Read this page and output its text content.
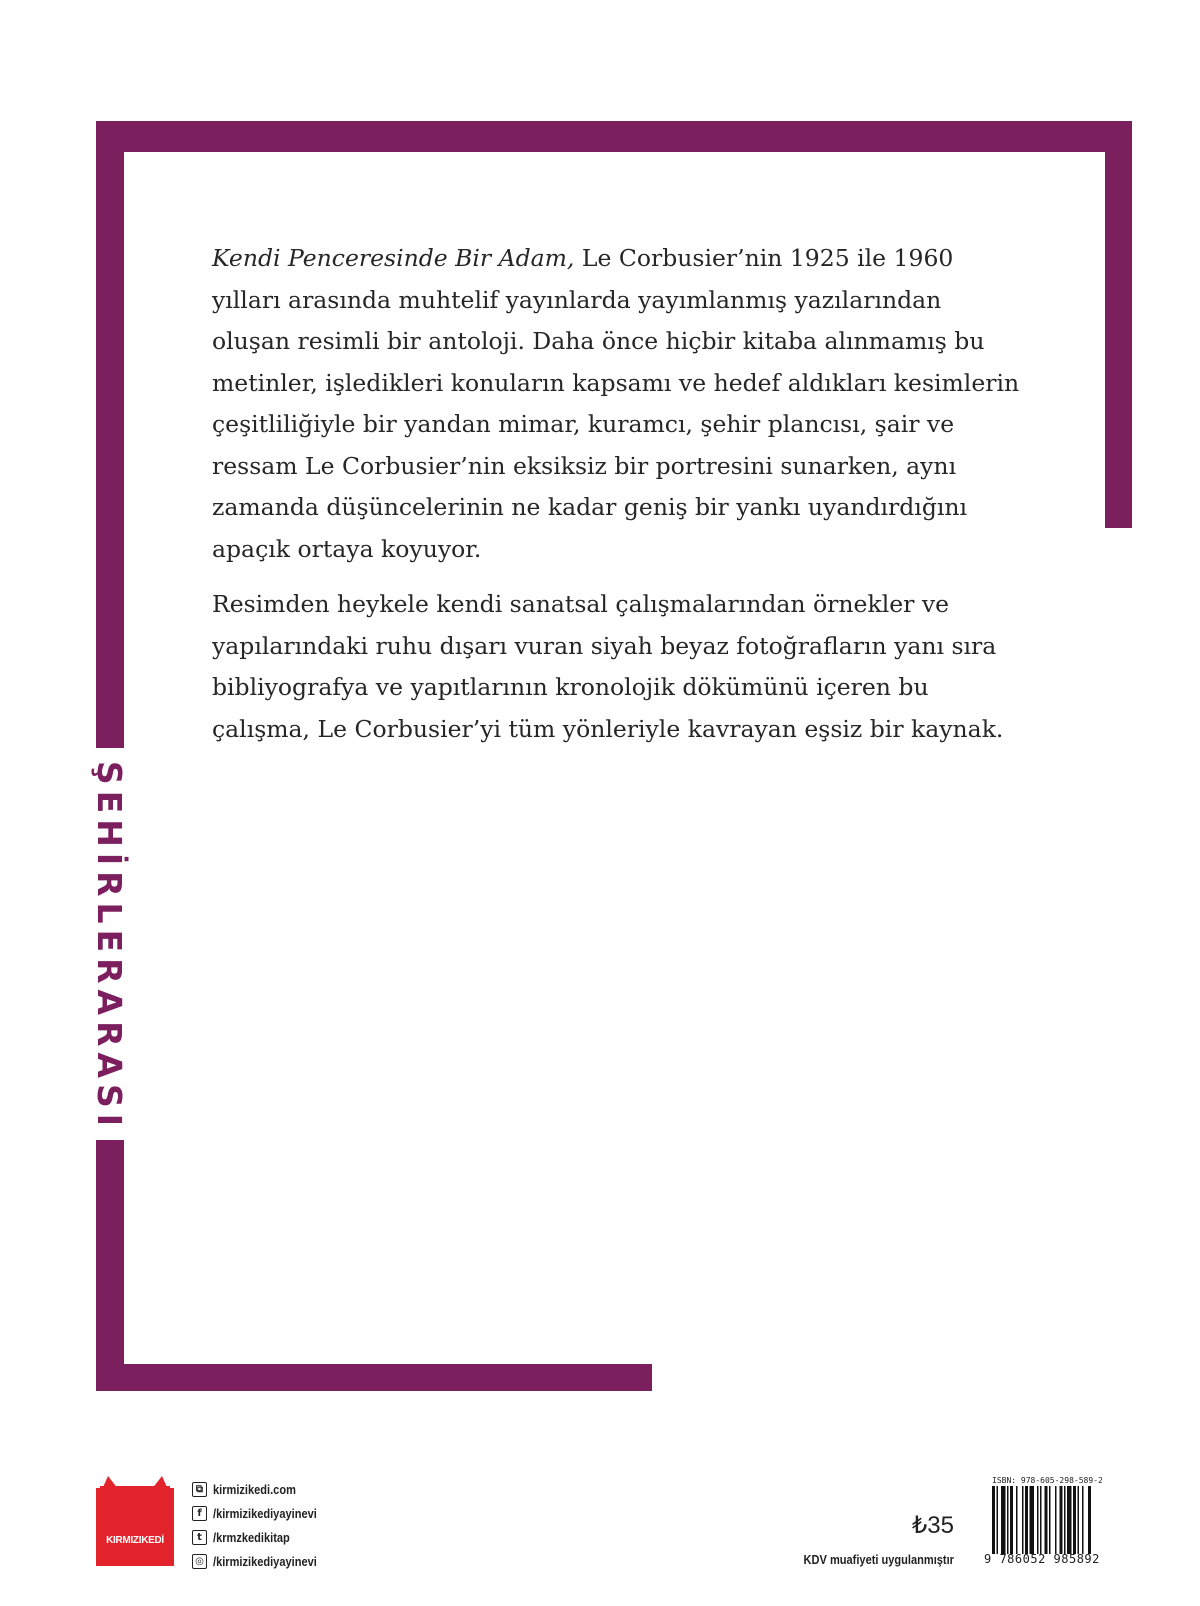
ŞEHİRLERARASI

Kendi Penceresinde Bir Adam, Le Corbusier’nin 1925 ile 1960 yılları arasında muhtelif yayınlarda yayımlanmış yazılarından oluşan resimli bir antoloji. Daha önce hiçbir kitaba alınmamış bu metinler, işledikleri konuların kapsamı ve hedef aldıkları kesimlerin çeşitliliğiyle bir yandan mimar, kuramcı, şehir plancısı, şair ve ressam Le Corbusier’nin eksiksiz bir portresini sunarken, aynı zamanda düşüncelerinin ne kadar geniş bir yankı uyandırdığını apaçık ortaya koyuyor.

Resimden heykele kendi sanatsal çalışmalarından örnekler ve yapılarındaki ruhu dışarı vuran siyah beyaz fotoğrafların yanı sıra bibliyografya ve yapıtlarının kronolojik dökümünü içeren bu çalışma, Le Corbusier’yi tüm yönleriyle kavrayan eşsiz bir kaynak.

KIRMIZIKEDİ
⧉ kirmizikedi.com
f /kirmizikediyayinevi
t /krmzkedikitap
◎ /kirmizikediyayinevi
₺35
KDV muafiyeti uygulanmıştır
ISBN: 978-605-298-589-2
9 786052 985892
